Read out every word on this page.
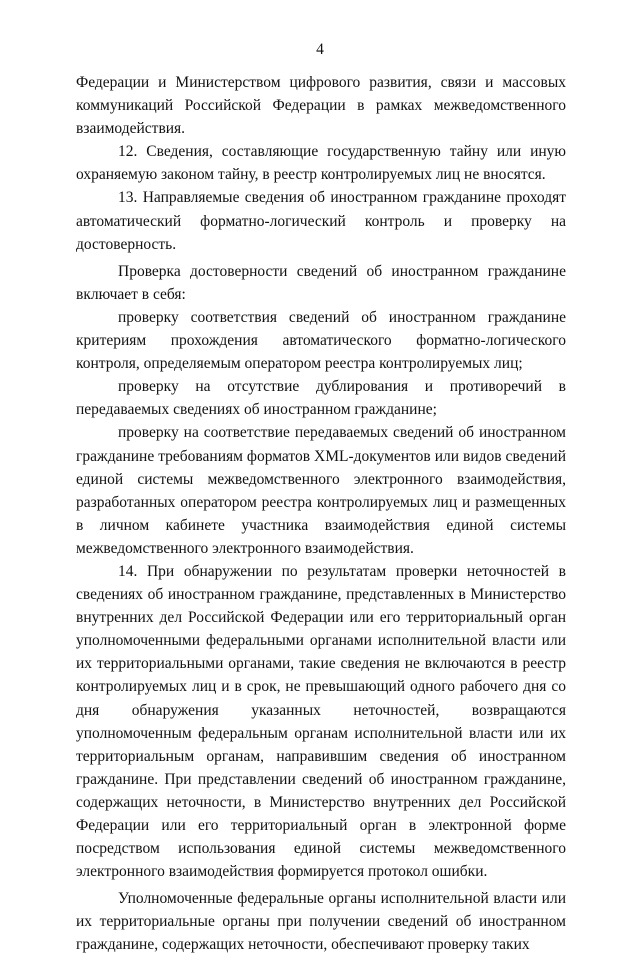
4

Федерации и Министерством цифрового развития, связи и массовых коммуникаций Российской Федерации в рамках межведомственного взаимодействия.

12. Сведения, составляющие государственную тайну или иную охраняемую законом тайну, в реестр контролируемых лиц не вносятся.

13. Направляемые сведения об иностранном гражданине проходят автоматический форматно-логический контроль и проверку на достоверность.

Проверка достоверности сведений об иностранном гражданине включает в себя:

проверку соответствия сведений об иностранном гражданине критериям прохождения автоматического форматно-логического контроля, определяемым оператором реестра контролируемых лиц;

проверку на отсутствие дублирования и противоречий в передаваемых сведениях об иностранном гражданине;

проверку на соответствие передаваемых сведений об иностранном гражданине требованиям форматов XML-документов или видов сведений единой системы межведомственного электронного взаимодействия, разработанных оператором реестра контролируемых лиц и размещенных в личном кабинете участника взаимодействия единой системы межведомственного электронного взаимодействия.

14. При обнаружении по результатам проверки неточностей в сведениях об иностранном гражданине, представленных в Министерство внутренних дел Российской Федерации или его территориальный орган уполномоченными федеральными органами исполнительной власти или их территориальными органами, такие сведения не включаются в реестр контролируемых лиц и в срок, не превышающий одного рабочего дня со дня обнаружения указанных неточностей, возвращаются уполномоченным федеральным органам исполнительной власти или их территориальным органам, направившим сведения об иностранном гражданине. При представлении сведений об иностранном гражданине, содержащих неточности, в Министерство внутренних дел Российской Федерации или его территориальный орган в электронной форме посредством использования единой системы межведомственного электронного взаимодействия формируется протокол ошибки.

Уполномоченные федеральные органы исполнительной власти или их территориальные органы при получении сведений об иностранном гражданине, содержащих неточности, обеспечивают проверку таких
